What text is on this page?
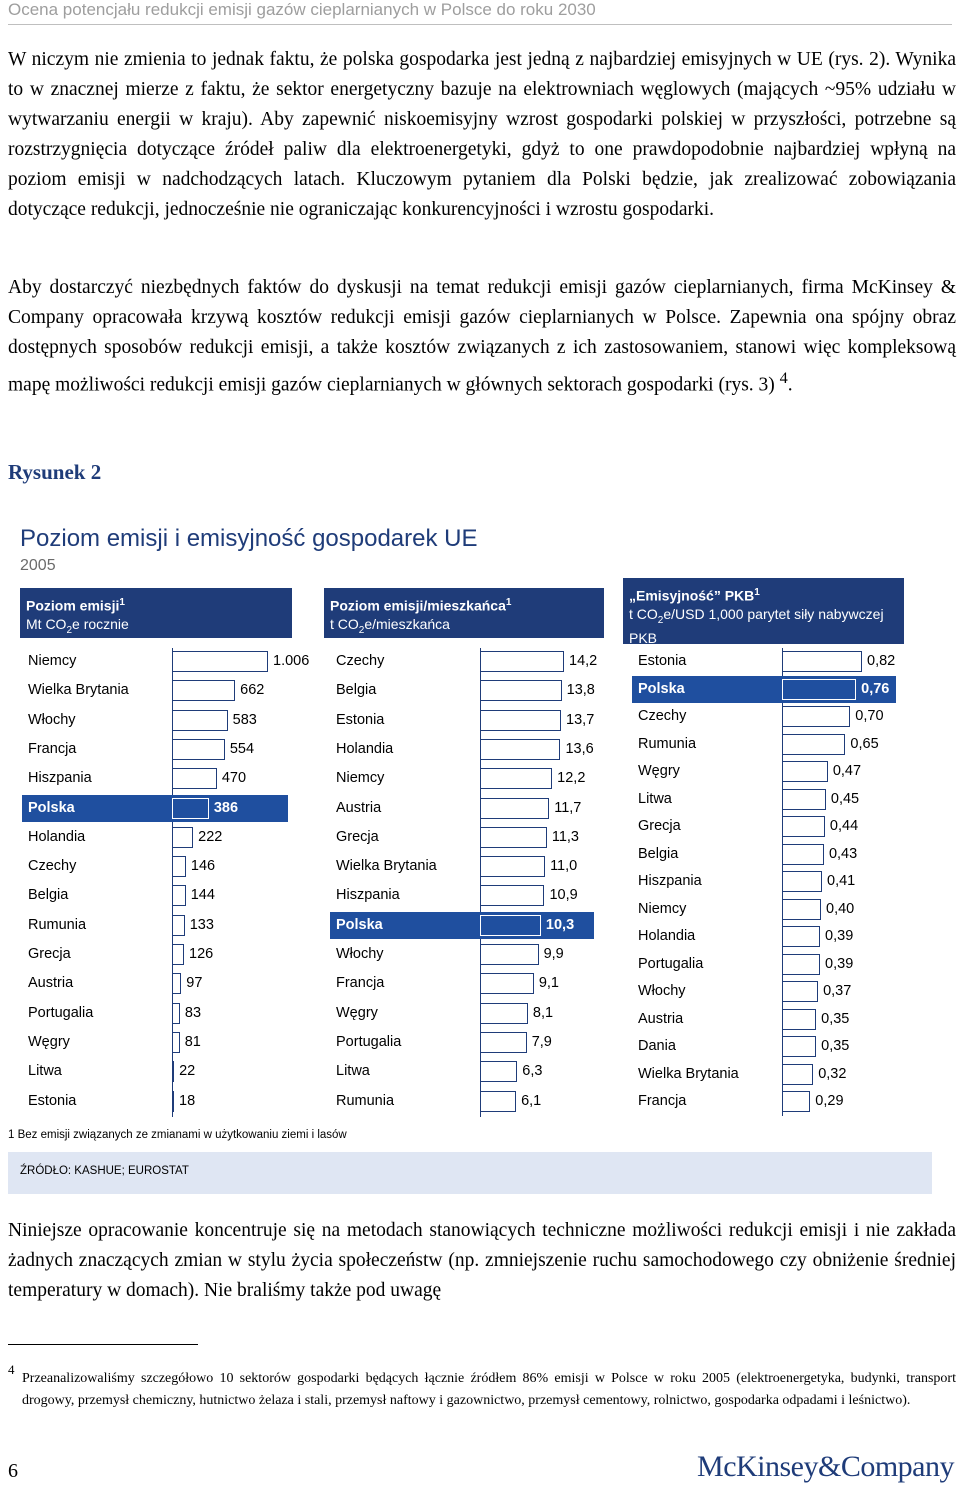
Ocena potencjału redukcji emisji gazów cieplarnianych w Polsce do roku 2030

W niczym nie zmienia to jednak faktu, że polska gospodarka jest jedną z najbardziej emisyjnych w UE (rys. 2). Wynika to w znacznej mierze z faktu, że sektor energetyczny bazuje na elektrowniach węglowych (mających ~95% udziału w wytwarzaniu energii w kraju). Aby zapewnić niskoemisyjny wzrost gospodarki polskiej w przyszłości, potrzebne są rozstrzygnięcia dotyczące źródeł paliw dla elektroenergetyki, gdyż to one prawdopodobnie najbardziej wpłyną na poziom emisji w nadchodzących latach. Kluczowym pytaniem dla Polski będzie, jak zrealizować zobowiązania dotyczące redukcji, jednocześnie nie ograniczając konkurencyjności i wzrostu gospodarki.

Aby dostarczyć niezbędnych faktów do dyskusji na temat redukcji emisji gazów cieplarnianych, firma McKinsey & Company opracowała krzywą kosztów redukcji emisji gazów cieplarnianych w Polsce. Zapewnia ona spójny obraz dostępnych sposobów redukcji emisji, a także kosztów związanych z ich zastosowaniem, stanowi więc kompleksową mapę możliwości redukcji emisji gazów cieplarnianych w głównych sektorach gospodarki (rys. 3) $^4$.

Rysunek 2
Poziom emisji i emisyjność gospodarek UE
2005
Poziom emisji$^1$
Mt $CO_2e$ rocznie
Poziom emisji/mieszkańca$^1$
t $CO_2e$/mieszkańca
„Emisyjność” PKB$^1$
t $CO_2e$/USD 1,000 parytet siły nabywczej PKB
Niemcy	1.006
Wielka Brytania	662
Włochy	583
Francja	554
Hiszpania	470
Polska	386
Holandia	222
Czechy	146
Belgia	144
Rumunia	133
Grecja	126
Austria	97
Portugalia	83
Węgry	81
Litwa	22
Estonia	18
Czechy	14,2
Belgia	13,8
Estonia	13,7
Holandia	13,6
Niemcy	12,2
Austria	11,7
Grecja	11,3
Wielka Brytania	11,0
Hiszpania	10,9
Polska	10,3
Włochy	9,9
Francja	9,1
Węgry	8,1
Portugalia	7,9
Litwa	6,3
Rumunia	6,1
Estonia	0,82
Polska	0,76
Czechy	0,70
Rumunia	0,65
Węgry	0,47
Litwa	0,45
Grecja	0,44
Belgia	0,43
Hiszpania	0,41
Niemcy	0,40
Holandia	0,39
Portugalia	0,39
Włochy	0,37
Austria	0,35
Dania	0,35
Wielka Brytania	0,32
Francja	0,29
1 Bez emisji związanych ze zmianami w użytkowaniu ziemi i lasów
ŹRÓDŁO: KASHUE; EUROSTAT

Niniejsze opracowanie koncentruje się na metodach stanowiących techniczne możliwości redukcji emisji i nie zakłada żadnych znaczących zmian w stylu życia społeczeństw (np. zmniejszenie ruchu samochodowego czy obniżenie średniej temperatury w domach). Nie braliśmy także pod uwagę

4

Przeanalizowaliśmy szczegółowo 10 sektorów gospodarki będących łącznie źródłem 86% emisji w Polsce w roku 2005 (elektroenergetyka, budynki, transport drogowy, przemysł chemiczny, hutnictwo żelaza i stali, przemysł naftowy i gazownictwo, przemysł cementowy, rolnictwo, gospodarka odpadami i leśnictwo).

6	McKinsey&Company
